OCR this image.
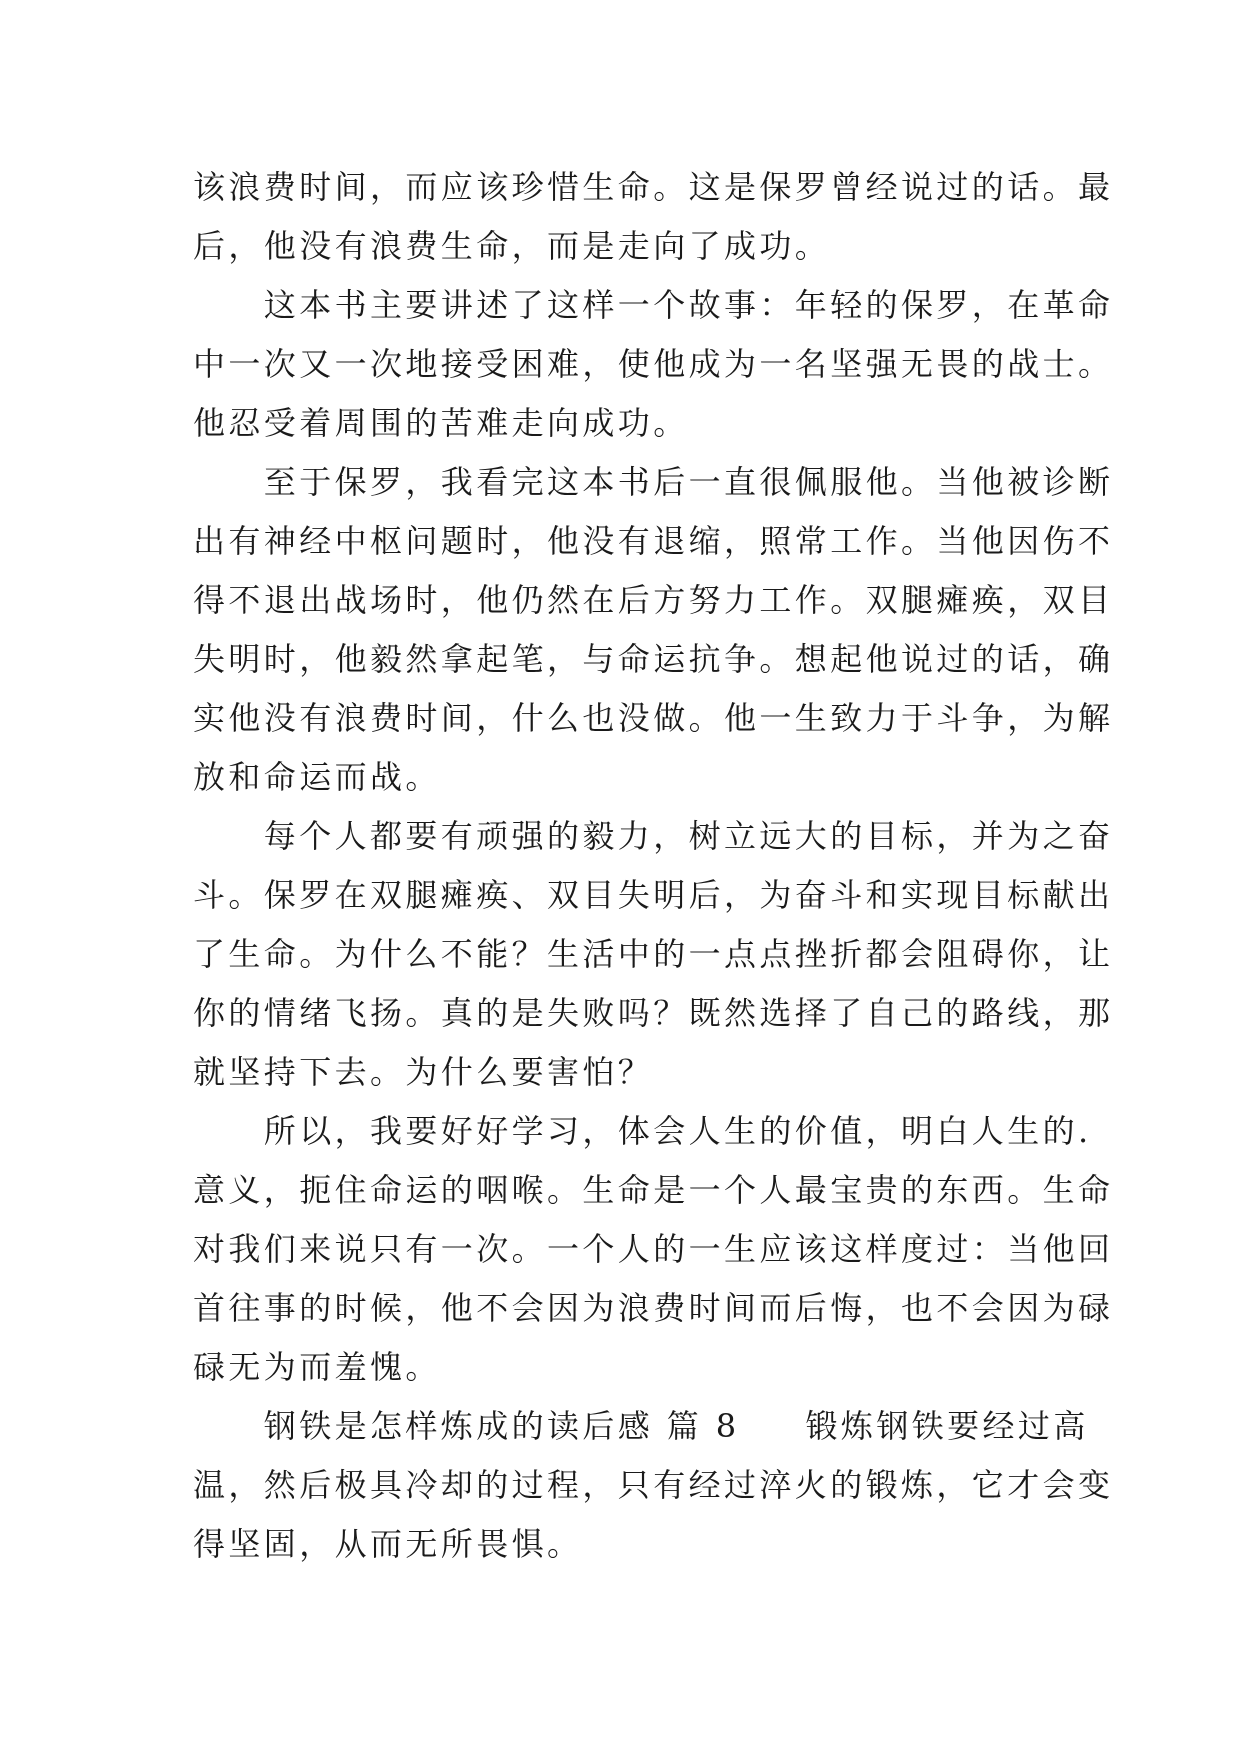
该浪费时间，而应该珍惜生命。这是保罗曾经说过的话。最
后，他没有浪费生命，而是走向了成功。
　　这本书主要讲述了这样一个故事：年轻的保罗，在革命
中一次又一次地接受困难，使他成为一名坚强无畏的战士。
他忍受着周围的苦难走向成功。
　　至于保罗，我看完这本书后一直很佩服他。当他被诊断
出有神经中枢问题时，他没有退缩，照常工作。当他因伤不
得不退出战场时，他仍然在后方努力工作。双腿瘫痪，双目
失明时，他毅然拿起笔，与命运抗争。想起他说过的话，确
实他没有浪费时间，什么也没做。他一生致力于斗争，为解
放和命运而战。
　　每个人都要有顽强的毅力，树立远大的目标，并为之奋
斗。保罗在双腿瘫痪、双目失明后，为奋斗和实现目标献出
了生命。为什么不能？生活中的一点点挫折都会阻碍你，让
你的情绪飞扬。真的是失败吗？既然选择了自己的路线，那
就坚持下去。为什么要害怕？
　　所以，我要好好学习，体会人生的价值，明白人生的.
意义，扼住命运的咽喉。生命是一个人最宝贵的东西。生命
对我们来说只有一次。一个人的一生应该这样度过：当他回
首往事的时候，他不会因为浪费时间而后悔，也不会因为碌
碌无为而羞愧。
　　钢铁是怎样炼成的读后感 篇 8 锻炼钢铁要经过高
温，然后极具冷却的过程，只有经过淬火的锻炼，它才会变
得坚固，从而无所畏惧。
